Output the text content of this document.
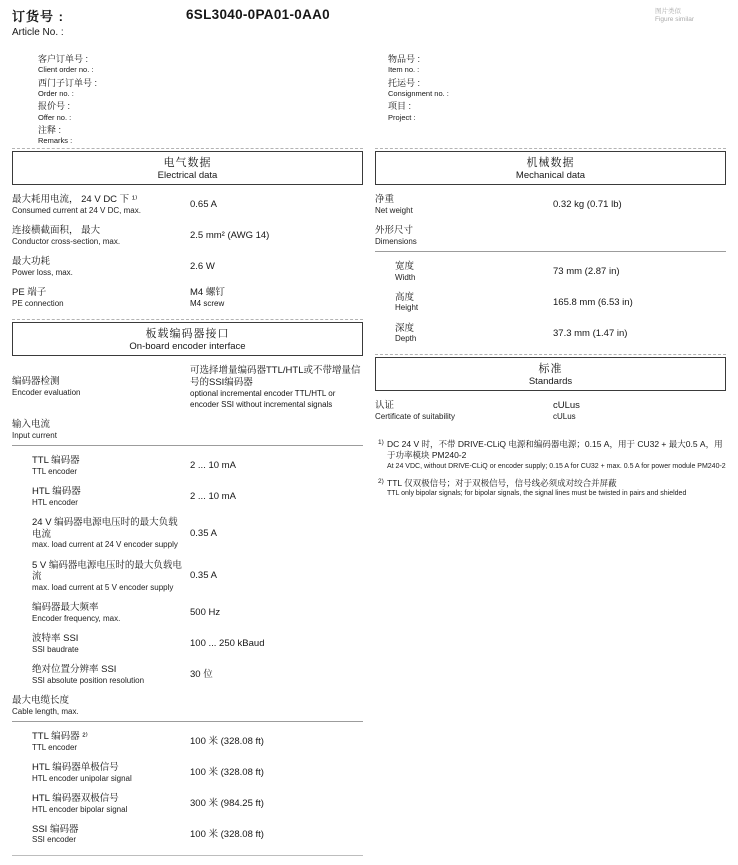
订货号 :
Article No. :
6SL3040-0PA01-0AA0	图片类似
Figure similar
客户订单号 :
Client order no. :
西门子订单号 :
Order no. :
报价号 :
Offer no. :
注释 :
Remarks :
物品号 :
Item no. :
托运号 :
Consignment no. :
项目 :
Project :
电气数据
Electrical data
最大耗用电流， 24 V DC 下 ¹⁾
Consumed current at 24 V DC, max.
0.65 A
连接横截面积， 最大
Conductor cross-section, max.
2.5 mm² (AWG 14)
最大功耗
Power loss, max.
2.6 W
PE 端子
PE connection
M4 螺钉
M4 screw
板载编码器接口
On-board encoder interface
编码器检测
Encoder evaluation
可选择增量编码器TTL/HTL或不带增量信号的SSI编码器
optional incremental encoder TTL/HTL or encoder SSI without incremental signals
输入电流
Input current
TTL 编码器
TTL encoder
2 ... 10 mA
HTL 编码器
HTL encoder
2 ... 10 mA
24 V 编码器电源电压时的最大负载电流
max. load current at 24 V encoder supply
0.35 A
5 V 编码器电源电压时的最大负载电流
max. load current at 5 V encoder supply
0.35 A
编码器最大频率
Encoder frequency, max.
500 Hz
波特率 SSI
SSI baudrate
100 ... 250 kBaud
绝对位置分辨率 SSI
SSI absolute position resolution
30 位
最大电缆长度
Cable length, max.
TTL 编码器 ²⁾
TTL encoder
100 米 (328.08 ft)
HTL 编码器单极信号
HTL encoder unipolar signal
100 米 (328.08 ft)
HTL 编码器双极信号
HTL encoder bipolar signal
300 米 (984.25 ft)
SSI 编码器
SSI encoder
100 米 (328.08 ft)
机械数据
Mechanical data
净重
Net weight
0.32 kg (0.71 lb)
外形尺寸
Dimensions
宽度
Width
73 mm (2.87 in)
高度
Height
165.8 mm (6.53 in)
深度
Depth
37.3 mm (1.47 in)
标准
Standards
认证
Certificate of suitability
cULus
cULus
1) DC 24 V 时，不带 DRIVE-CLiQ 电源和编码器电源；0.15 A，用于 CU32 + 最大0.5 A，用于功率模块 PM240-2
At 24 VDC, without DRIVE-CLiQ or encoder supply; 0.15 A for CU32 + max. 0.5 A for power module PM240-2
2) TTL 仅双极信号；对于双极信号，信号线必须成对绞合并屏蔽
TTL only bipolar signals; for bipolar signals, the signal lines must be twisted in pairs and shielded
